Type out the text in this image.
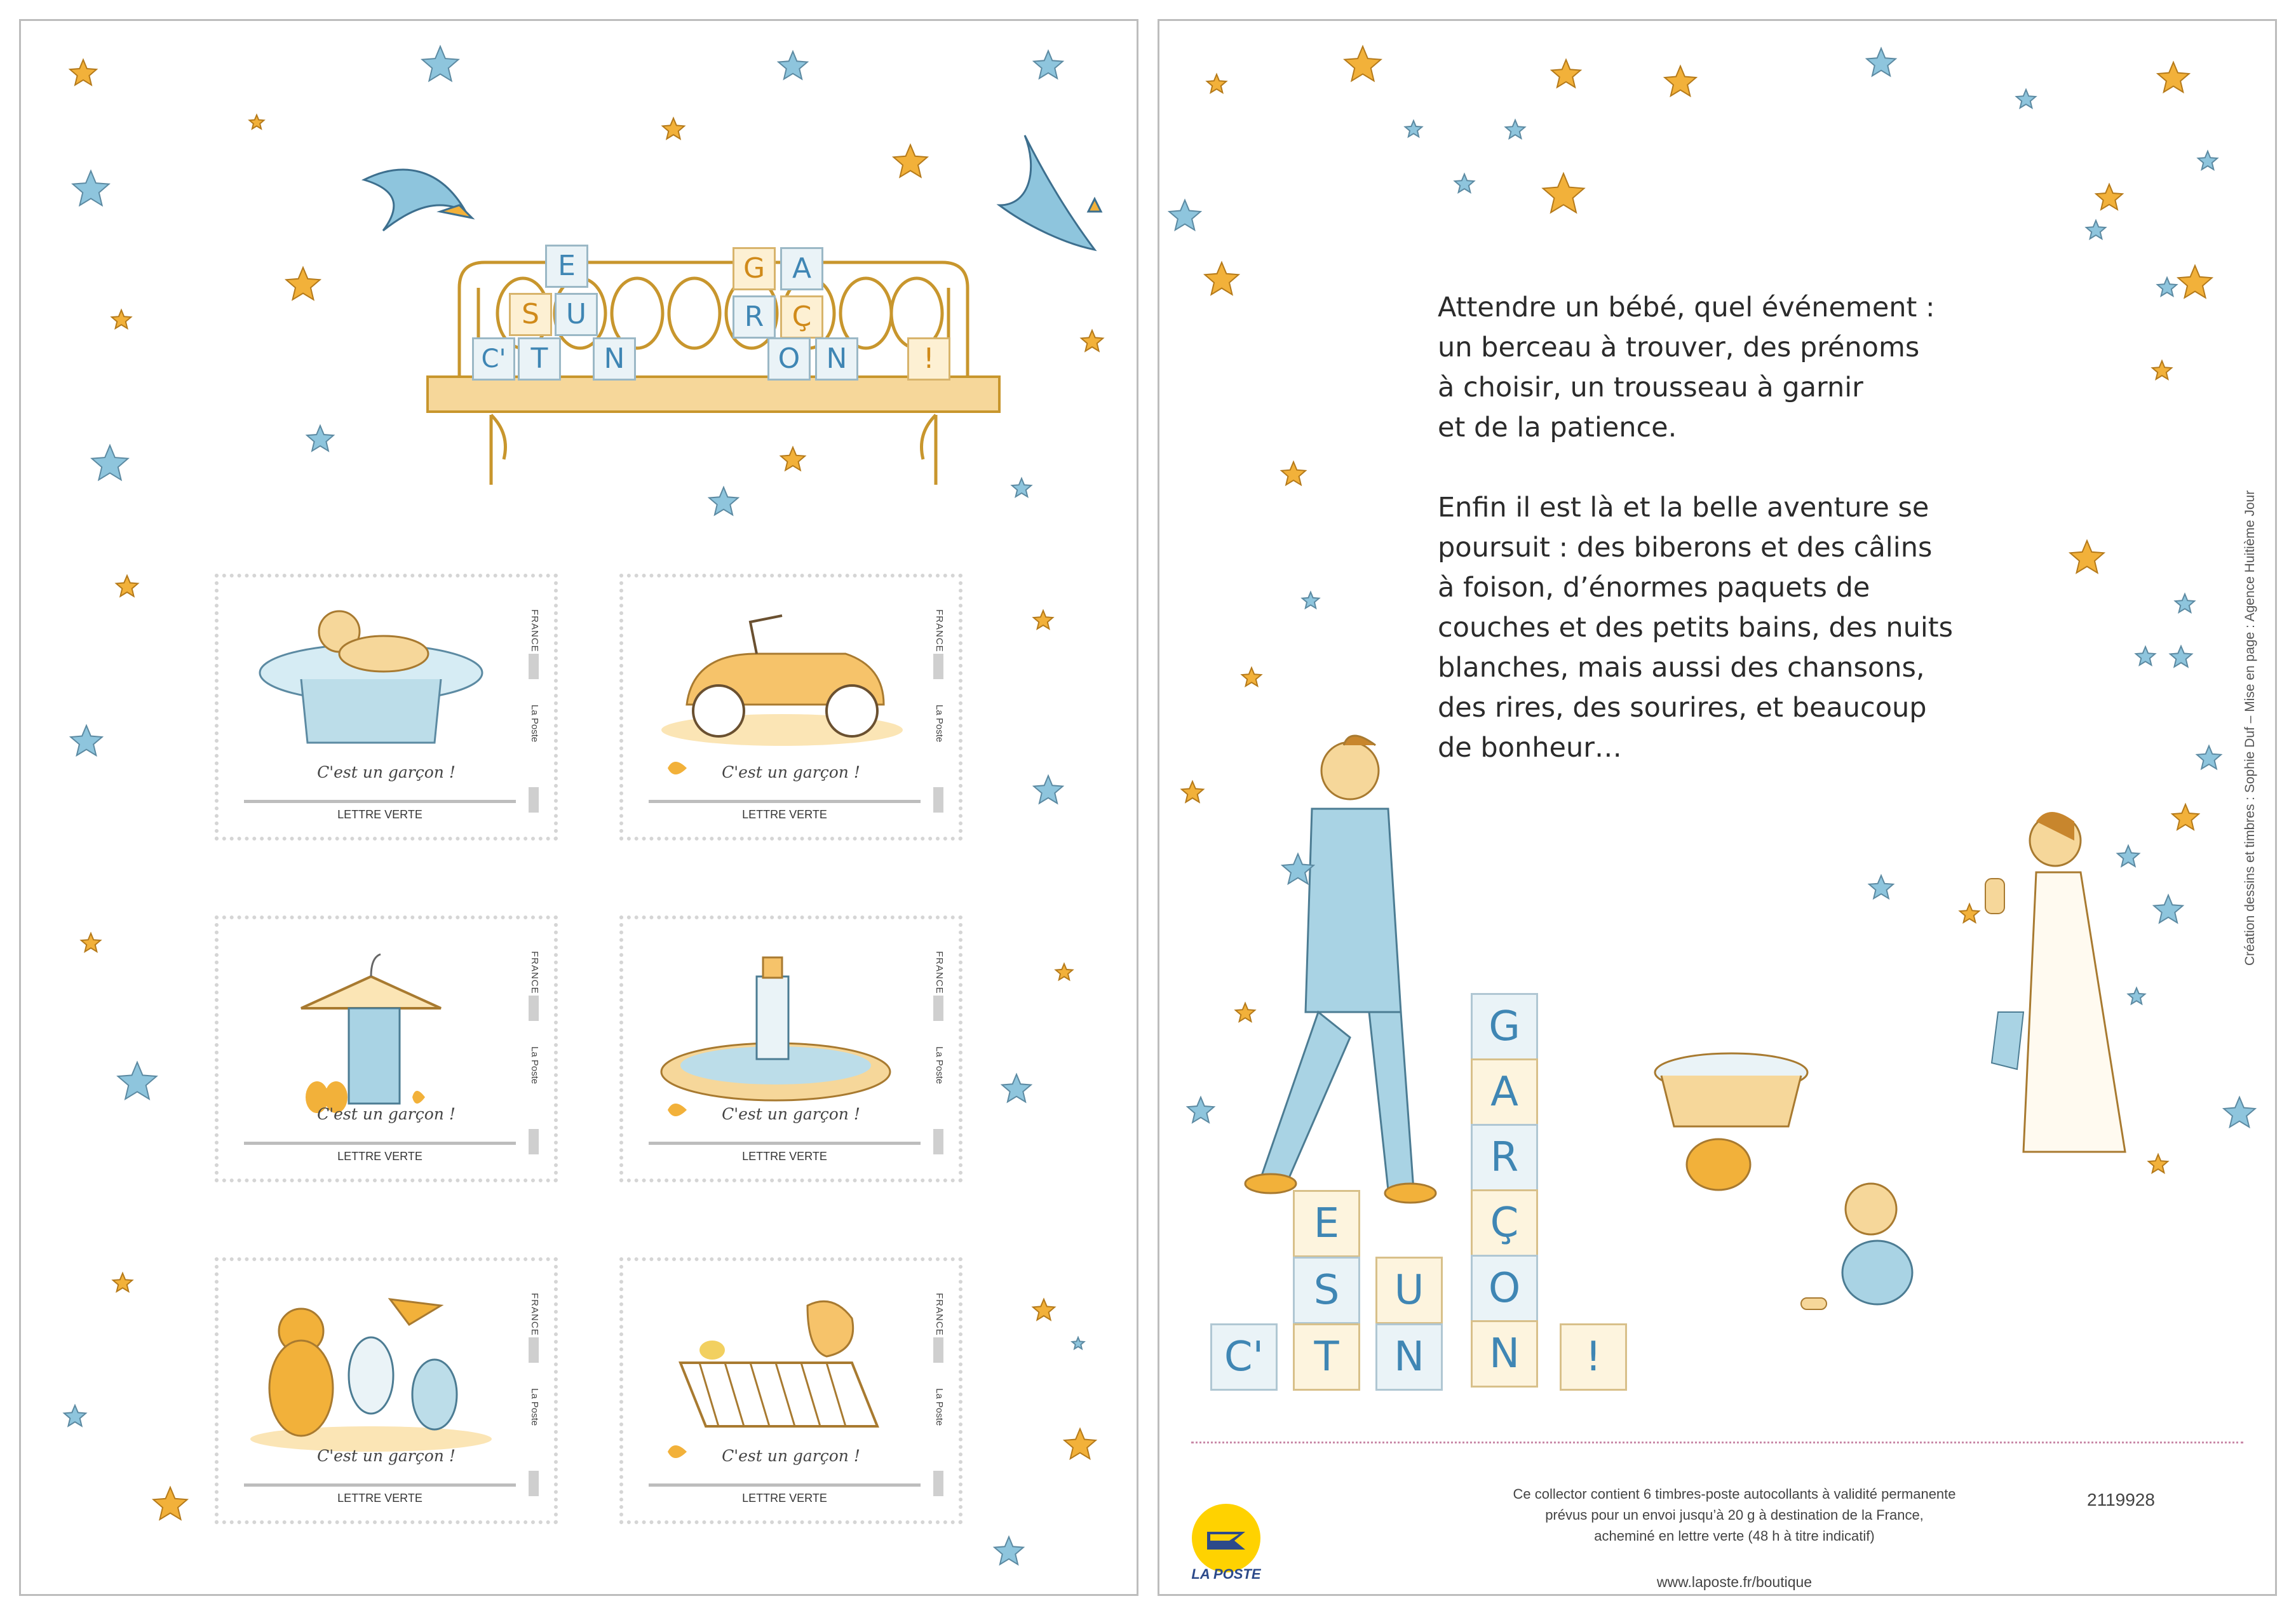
E	G A
S U	R	Ç
C' T	N	O N	!
C'est un garçon !
FRANCE
La Poste
LETTRE VERTE
C'est un garçon !
FRANCE
La Poste
LETTRE VERTE
C'est un garçon !
FRANCE
La Poste
LETTRE VERTE
C'est un garçon !
FRANCE
La Poste
LETTRE VERTE
C'est un garçon !
FRANCE
La Poste
LETTRE VERTE
C'est un garçon !
FRANCE
La Poste
LETTRE VERTE

Attendre un bébé, quel événement :
un berceau à trouver, des prénoms
à choisir, un trousseau à garnir
et de la patience.

Enfin il est là et la belle aventure se
poursuit : des biberons et des câlins
à foison, d’énormes paquets de
couches et des petits bains, des nuits
blanches, mais aussi des chansons,
des rires, des sourires, et beaucoup
de bonheur…

C'
E
S
T
U
N
G
A
R
Ç
O
N	!
LA POSTE
Ce collector contient 6 timbres-poste autocollants à validité permanente
prévus pour un envoi jusqu’à 20 g à destination de la France,
acheminé en lettre verte (48 h à titre indicatif)
www.laposte.fr/boutique
2119928
Création dessins et timbres : Sophie Duf – Mise en page : Agence Huitième Jour
